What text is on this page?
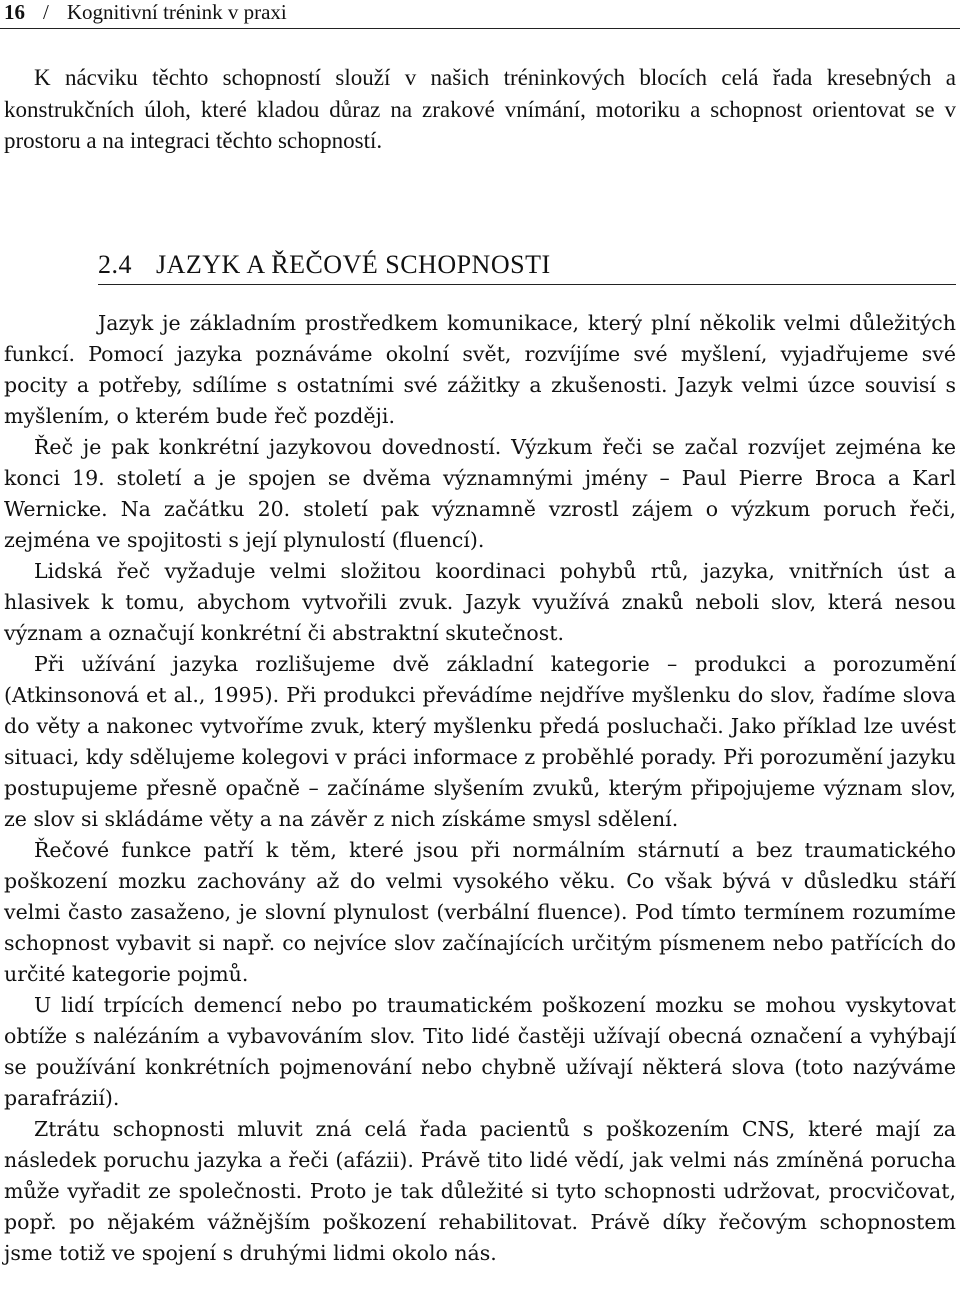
16 / Kognitivní trénink v praxi

K nácviku těchto schopností slouží v našich tréninkových blocích celá řada kresebných a konstrukčních úloh, které kladou důraz na zrakové vnímání, motoriku a schopnost orientovat se v prostoru a na integraci těchto schopností.

2.4 JAZYK A ŘEČOVÉ SCHOPNOSTI

Jazyk je základním prostředkem komunikace, který plní několik velmi důležitých funkcí. Pomocí jazyka poznáváme okolní svět, rozvíjíme své myšlení, vyjadřujeme své pocity a potřeby, sdílíme s ostatními své zážitky a zkušenosti. Jazyk velmi úzce souvisí s myšlením, o kterém bude řeč později.

Řeč je pak konkrétní jazykovou dovedností. Výzkum řeči se začal rozvíjet zejména ke konci 19. století a je spojen se dvěma významnými jmény – Paul Pierre Broca a Karl Wernicke. Na začátku 20. století pak významně vzrostl zájem o výzkum poruch řeči, zejména ve spojitosti s její plynulostí (fluencí).

Lidská řeč vyžaduje velmi složitou koordinaci pohybů rtů, jazyka, vnitřních úst a hlasivek k tomu, abychom vytvořili zvuk. Jazyk využívá znaků neboli slov, která nesou význam a označují konkrétní či abstraktní skutečnost.

Při užívání jazyka rozlišujeme dvě základní kategorie – produkci a porozumění (Atkinsonová et al., 1995). Při produkci převádíme nejdříve myšlenku do slov, řadíme slova do věty a nakonec vytvoříme zvuk, který myšlenku předá posluchači. Jako příklad lze uvést situaci, kdy sdělujeme kolegovi v práci informace z proběhlé porady. Při porozumění jazyku postupujeme přesně opačně – začínáme slyšením zvuků, kterým připojujeme význam slov, ze slov si skládáme věty a na závěr z nich získáme smysl sdělení.

Řečové funkce patří k těm, které jsou při normálním stárnutí a bez traumatického poškození mozku zachovány až do velmi vysokého věku. Co však bývá v důsledku stáří velmi často zasaženo, je slovní plynulost (verbální fluence). Pod tímto termínem rozumíme schopnost vybavit si např. co nejvíce slov začínajících určitým písmenem nebo patřících do určité kategorie pojmů.

U lidí trpících demencí nebo po traumatickém poškození mozku se mohou vyskytovat obtíže s nalézáním a vybavováním slov. Tito lidé častěji užívají obecná označení a vyhýbají se používání konkrétních pojmenování nebo chybně užívají některá slova (toto nazýváme parafrázií).

Ztrátu schopnosti mluvit zná celá řada pacientů s poškozením CNS, které mají za následek poruchu jazyka a řeči (afázii). Právě tito lidé vědí, jak velmi nás zmíněná porucha může vyřadit ze společnosti. Proto je tak důležité si tyto schopnosti udržovat, procvičovat, popř. po nějakém vážnějším poškození rehabilitovat. Právě díky řečovým schopnostem jsme totiž ve spojení s druhými lidmi okolo nás.
